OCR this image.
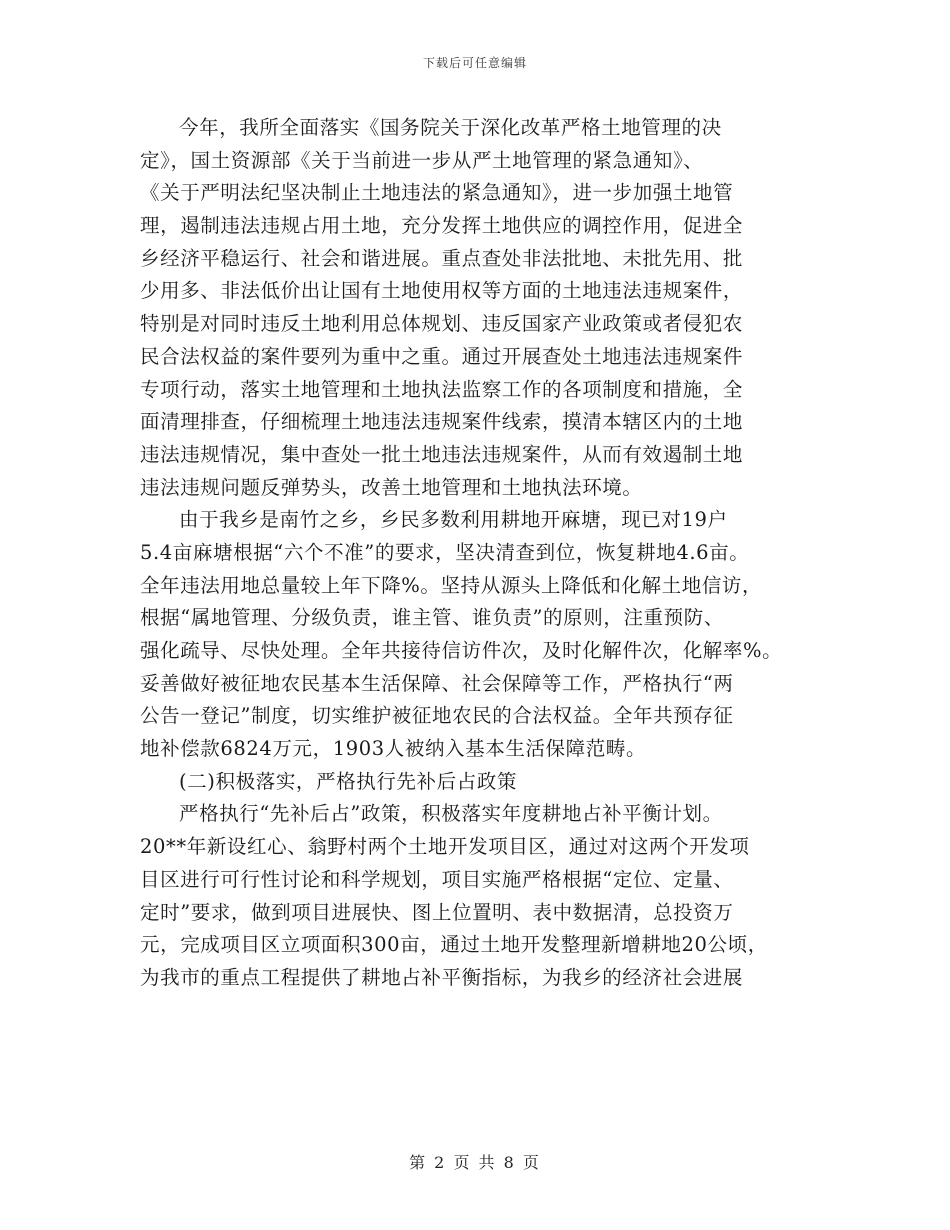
下载后可任意编辑
今年，我所全面落实《国务院关于深化改革严格土地管理的决
定》，国土资源部《关于当前进一步从严土地管理的紧急通知》、
《关于严明法纪坚决制止土地违法的紧急通知》，进一步加强土地管
理，遏制违法违规占用土地，充分发挥土地供应的调控作用，促进全
乡经济平稳运行、社会和谐进展。重点查处非法批地、未批先用、批
少用多、非法低价出让国有土地使用权等方面的土地违法违规案件，
特别是对同时违反土地利用总体规划、违反国家产业政策或者侵犯农
民合法权益的案件要列为重中之重。通过开展查处土地违法违规案件
专项行动，落实土地管理和土地执法监察工作的各项制度和措施，全
面清理排查，仔细梳理土地违法违规案件线索，摸清本辖区内的土地
违法违规情况，集中查处一批土地违法违规案件，从而有效遏制土地
违法违规问题反弹势头，改善土地管理和土地执法环境。
由于我乡是南竹之乡，乡民多数利用耕地开麻塘，现已对19户
5.4亩麻塘根据“六个不准”的要求，坚决清查到位，恢复耕地4.6亩。
全年违法用地总量较上年下降%。坚持从源头上降低和化解土地信访，
根据“属地管理、分级负责，谁主管、谁负责”的原则，注重预防、
强化疏导、尽快处理。全年共接待信访件次，及时化解件次，化解率%。
妥善做好被征地农民基本生活保障、社会保障等工作，严格执行“两
公告一登记”制度，切实维护被征地农民的合法权益。全年共预存征
地补偿款6824万元，1903人被纳入基本生活保障范畴。
(二)积极落实，严格执行先补后占政策
严格执行“先补后占”政策，积极落实年度耕地占补平衡计划。
20**年新设红心、翁野村两个土地开发项目区，通过对这两个开发项
目区进行可行性讨论和科学规划，项目实施严格根据“定位、定量、
定时”要求，做到项目进展快、图上位置明、表中数据清，总投资万
元，完成项目区立项面积300亩，通过土地开发整理新增耕地20公顷，
为我市的重点工程提供了耕地占补平衡指标，为我乡的经济社会进展
第 2 页 共 8 页
